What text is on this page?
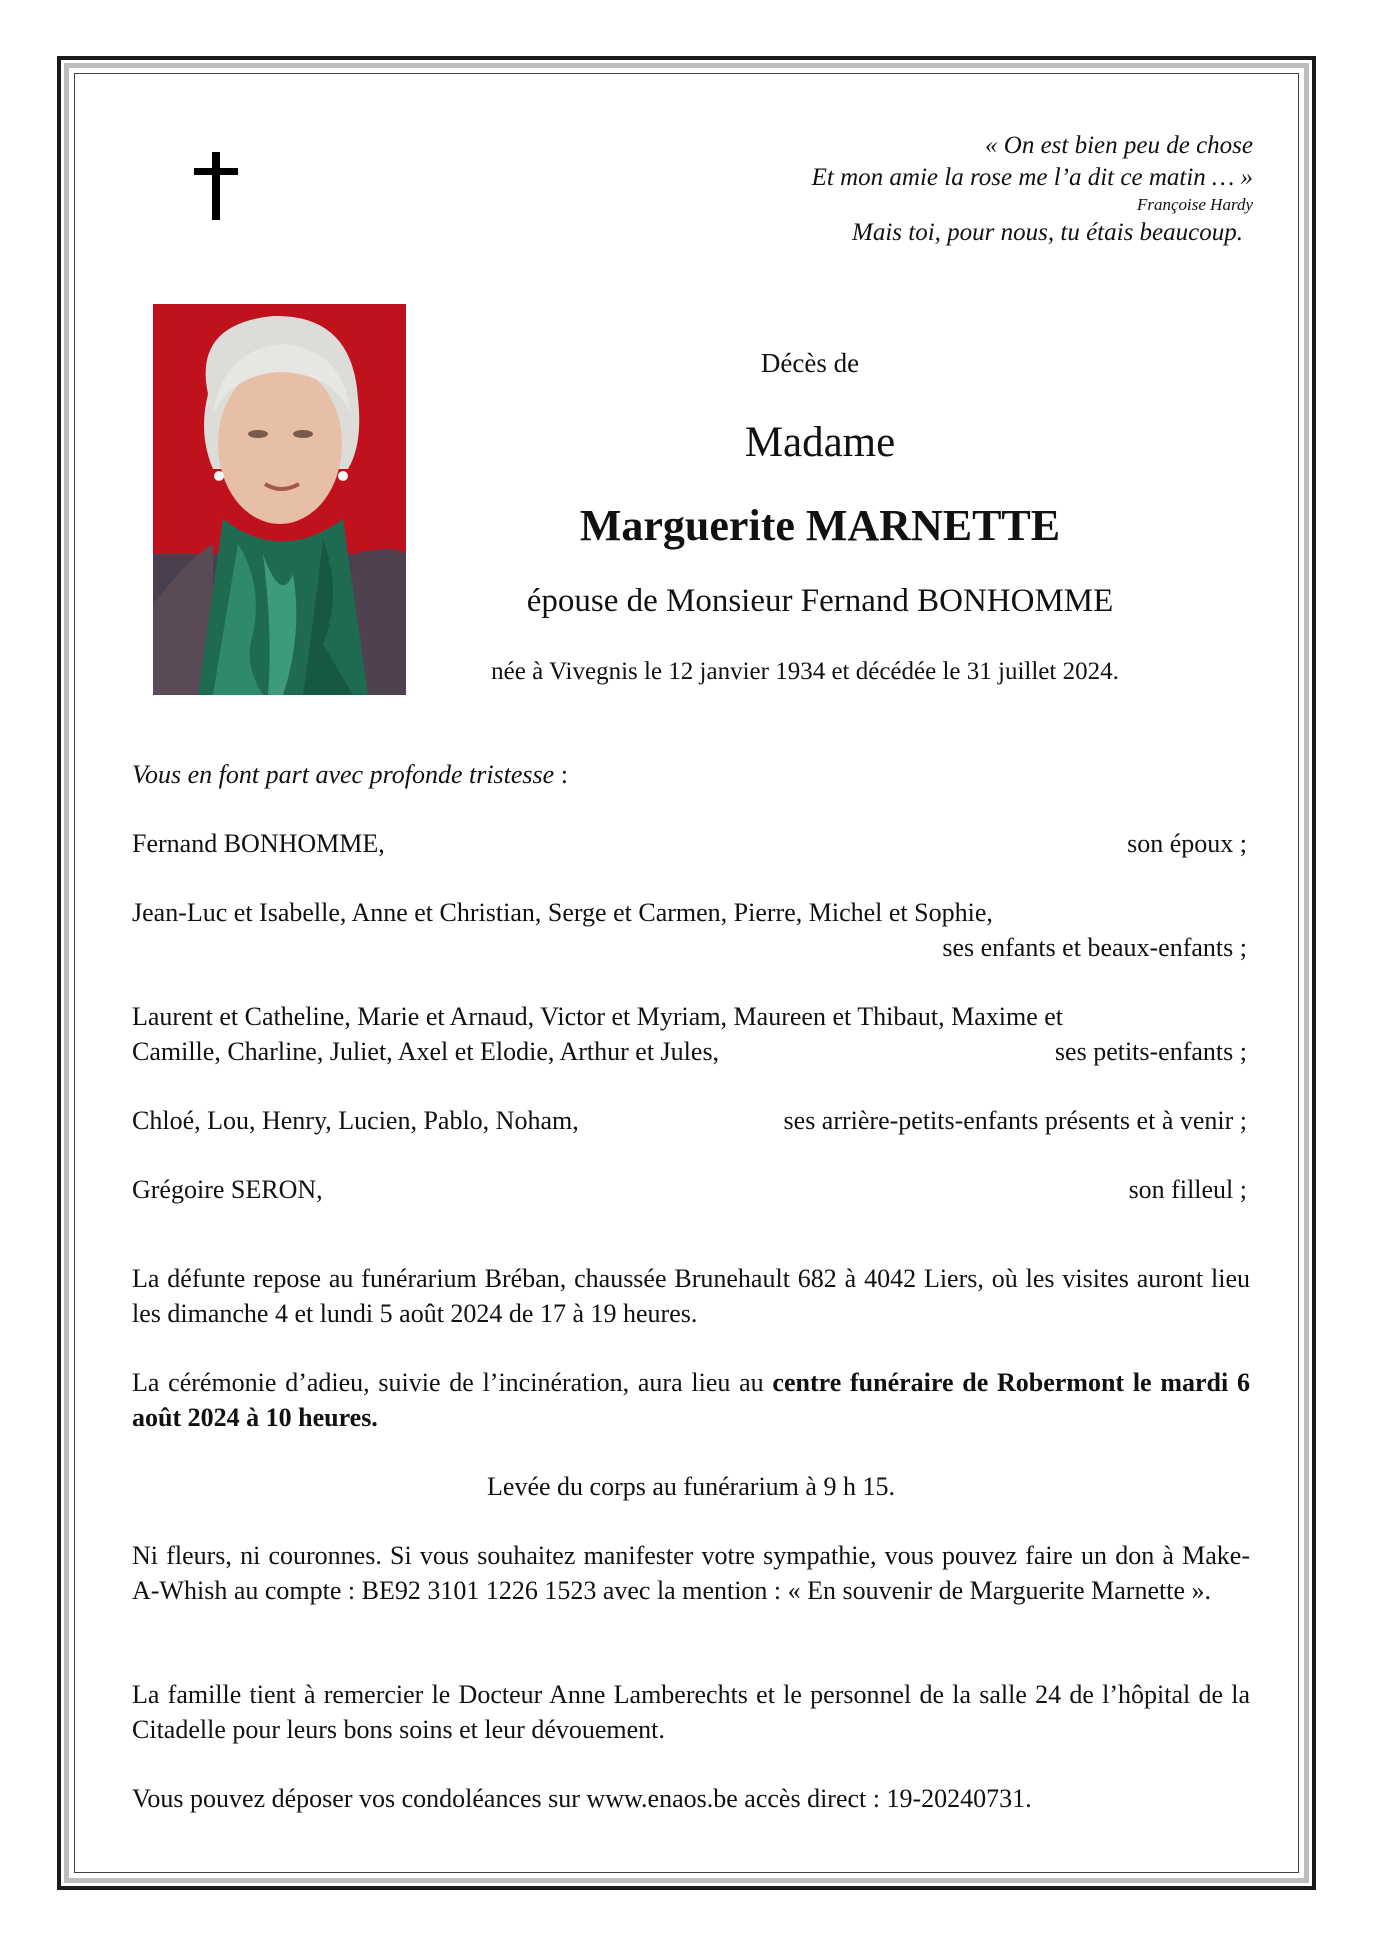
« On est bien peu de chose
Et mon amie la rose me l’a dit ce matin … »
Françoise Hardy
Mais toi, pour nous, tu étais beaucoup.
Décès de
Madame
Marguerite MARNETTE
épouse de Monsieur Fernand BONHOMME
née à Vivegnis le 12 janvier 1934 et décédée le 31 juillet 2024.
Vous en font part avec profonde tristesse :
Fernand BONHOMME,	son époux ;
Jean-Luc et Isabelle, Anne et Christian, Serge et Carmen, Pierre, Michel et Sophie,
ses enfants et beaux-enfants ;
Laurent et Catheline, Marie et Arnaud, Victor et Myriam, Maureen et Thibaut, Maxime et
Camille, Charline, Juliet, Axel et Elodie, Arthur et Jules,	ses petits-enfants ;
Chloé, Lou, Henry, Lucien, Pablo, Noham,	ses arrière-petits-enfants présents et à venir ;
Grégoire SERON,	son filleul ;
La défunte repose au funérarium Bréban, chaussée Brunehault 682 à 4042 Liers, où les visites auront lieu les dimanche 4 et lundi 5 août 2024 de 17 à 19 heures.
La cérémonie d’adieu, suivie de l’incinération, aura lieu au centre funéraire de Robermont le mardi 6 août 2024 à 10 heures.
Levée du corps au funérarium à 9 h 15.
Ni fleurs, ni couronnes. Si vous souhaitez manifester votre sympathie, vous pouvez faire un don à Make-A-Whish au compte : BE92 3101 1226 1523 avec la mention : « En souvenir de Marguerite Marnette ».
La famille tient à remercier le Docteur Anne Lamberechts et le personnel de la salle 24 de l’hôpital de la Citadelle pour leurs bons soins et leur dévouement.
Vous pouvez déposer vos condoléances sur www.enaos.be accès direct : 19-20240731.
